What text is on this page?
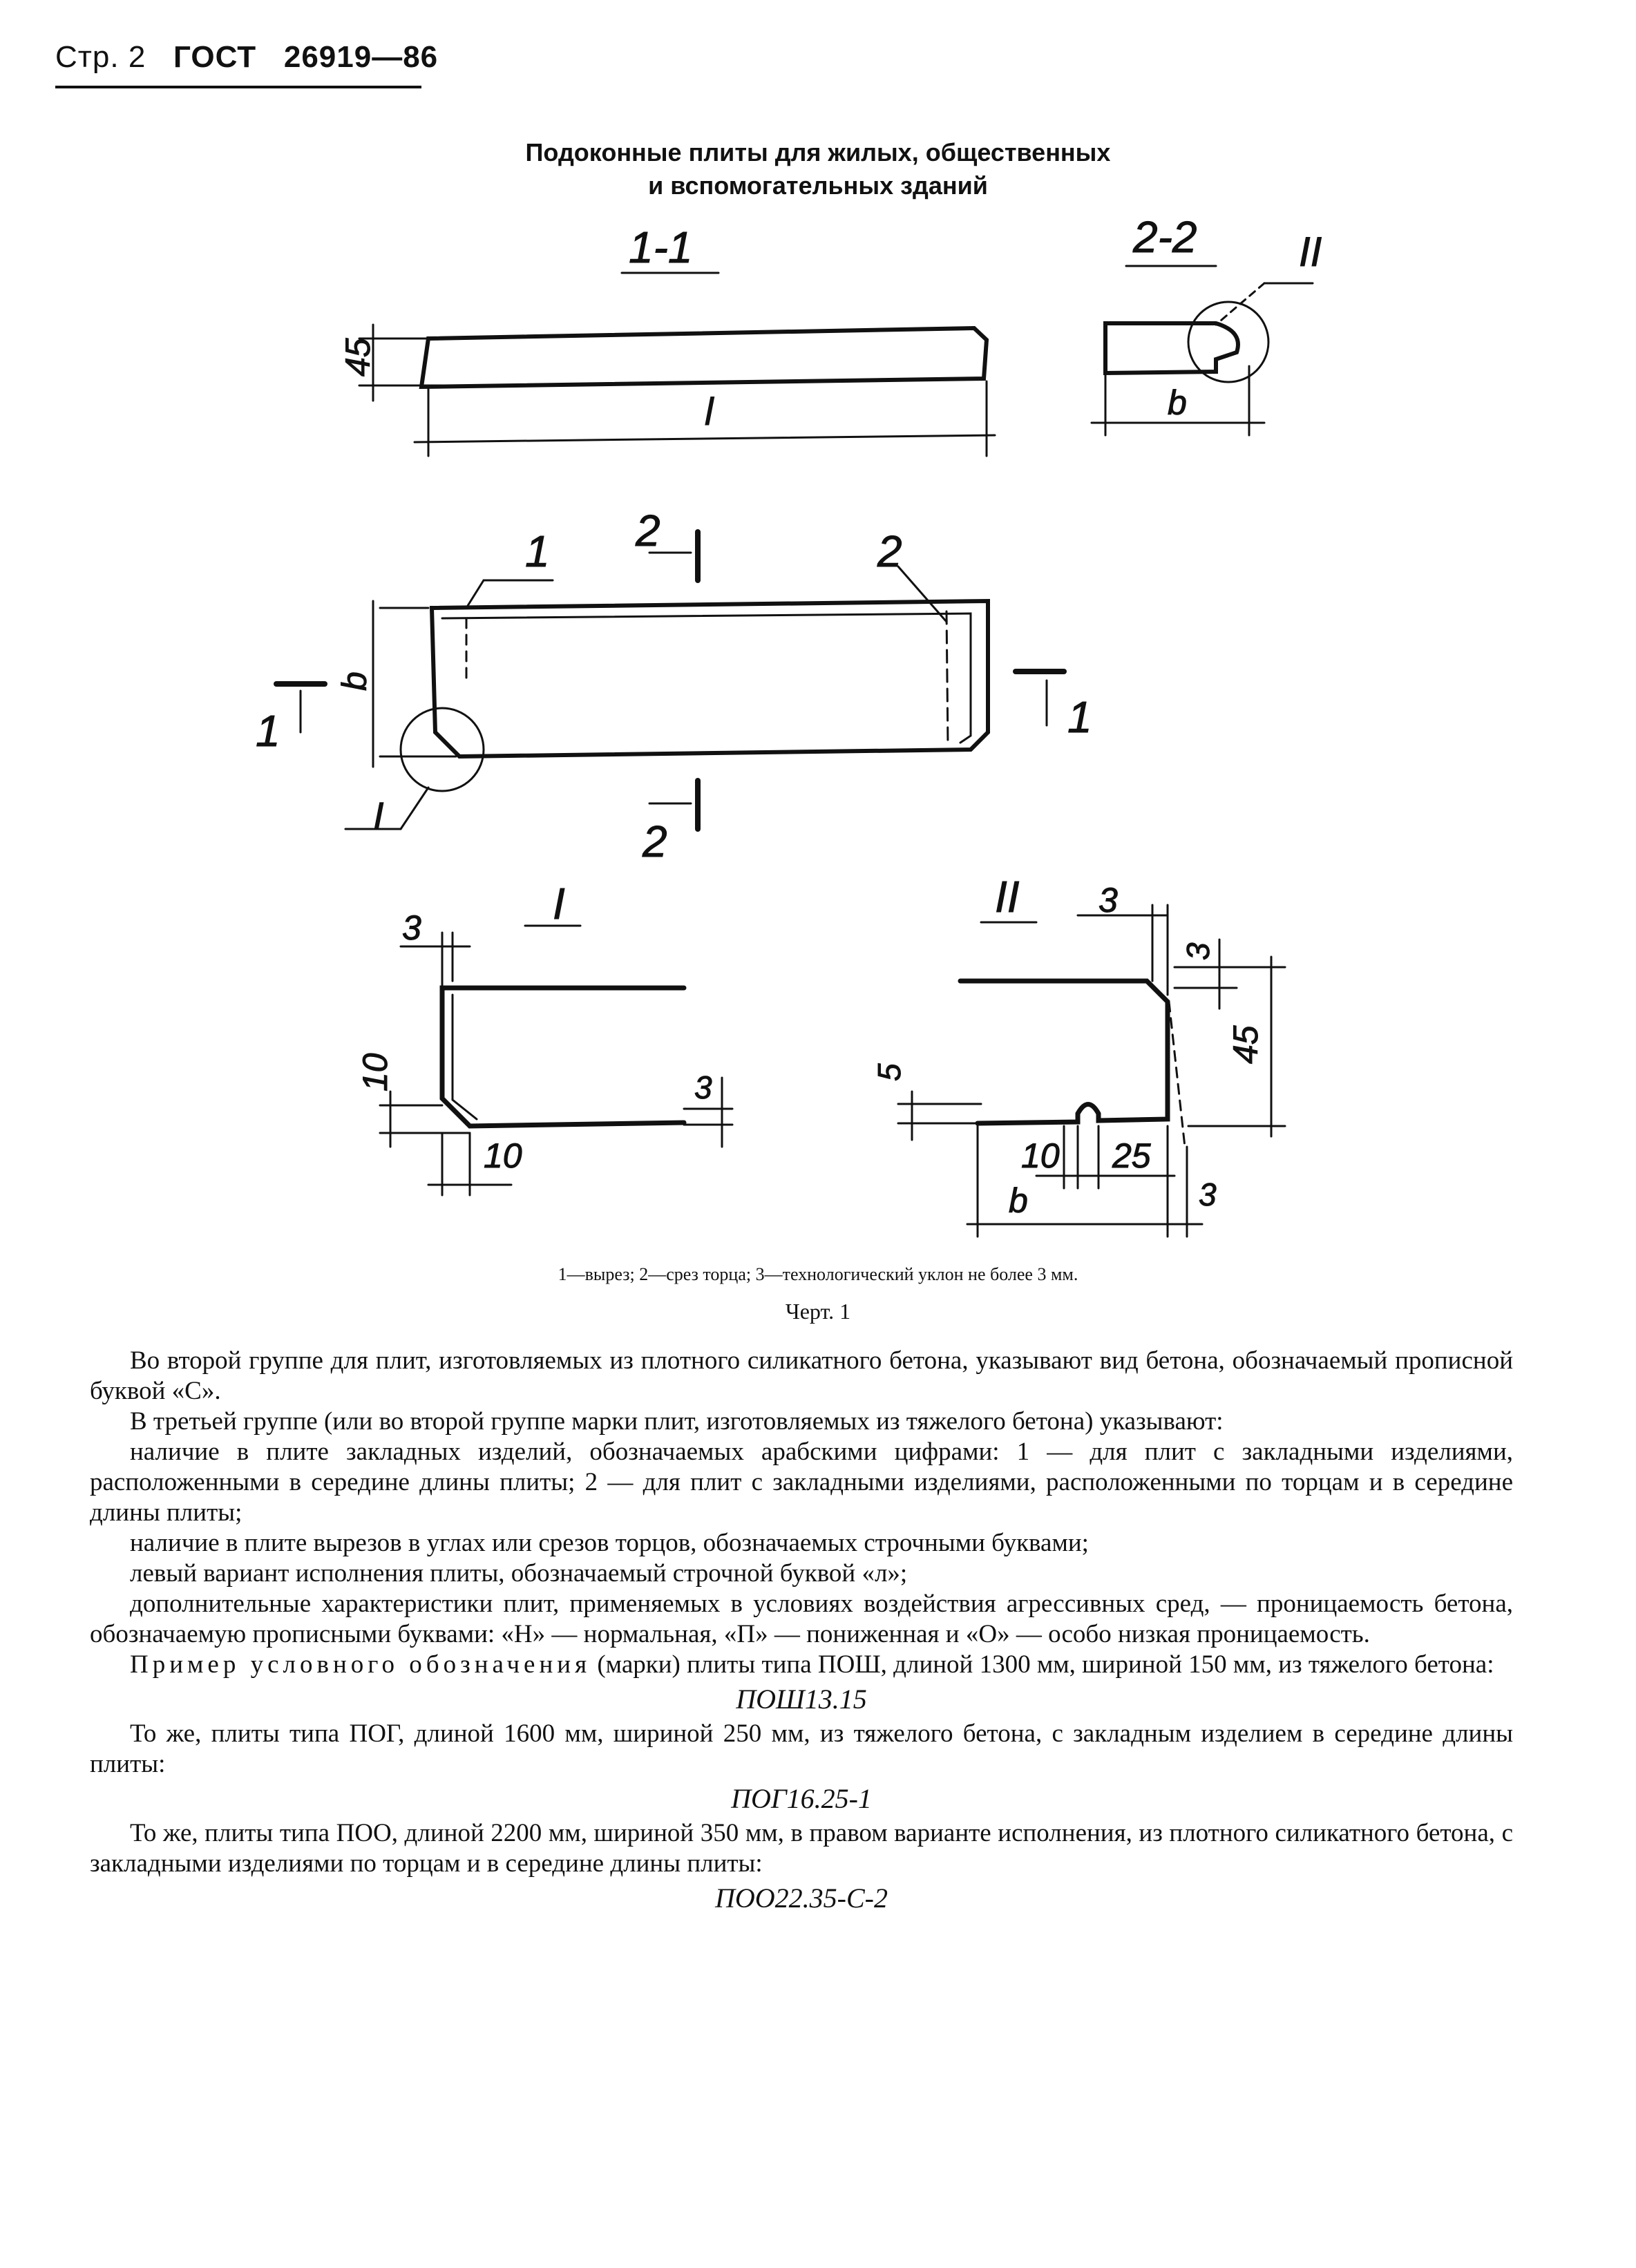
Стр. 2 ГОСТ 26919—86
Подоконные плиты для жилых, общественных
и вспомогательных зданий
1-1
45
l
2-2 II
b
2	2
1
b
I
1	1
2
I
3
10
10
3
II 3
3
45
5
10 25
3
b
1—вырез; 2—срез торца; 3—технологический уклон не более 3 мм.
Черт. 1

Во второй группе для плит, изготовляемых из плотного силикатного бетона, указывают вид бетона, обозначаемый прописной буквой «С».

В третьей группе (или во второй группе марки плит, изготовляемых из тяжелого бетона) указывают:

наличие в плите закладных изделий, обозначаемых арабскими цифрами: 1 — для плит с закладными изделиями, расположенными в середине длины плиты; 2 — для плит с закладными изделиями, расположенными по торцам и в середине длины плиты;

наличие в плите вырезов в углах или срезов торцов, обозначаемых строчными буквами;

левый вариант исполнения плиты, обозначаемый строчной буквой «л»;

дополнительные характеристики плит, применяемых в условиях воздействия агрессивных сред, — проницаемость бетона, обозначаемую прописными буквами: «Н» — нормальная, «П» — пониженная и «О» — особо низкая проницаемость.

Пример условного обозначения (марки) плиты типа ПОШ, длиной 1300 мм, шириной 150 мм, из тяжелого бетона:

ПОШ13.15

То же, плиты типа ПОГ, длиной 1600 мм, шириной 250 мм, из тяжелого бетона, с закладным изделием в середине длины плиты:

ПОГ16.25-1

То же, плиты типа ПОО, длиной 2200 мм, шириной 350 мм, в правом варианте исполнения, из плотного силикатного бетона, с закладными изделиями по торцам и в середине длины плиты:

ПОО22.35-С-2
